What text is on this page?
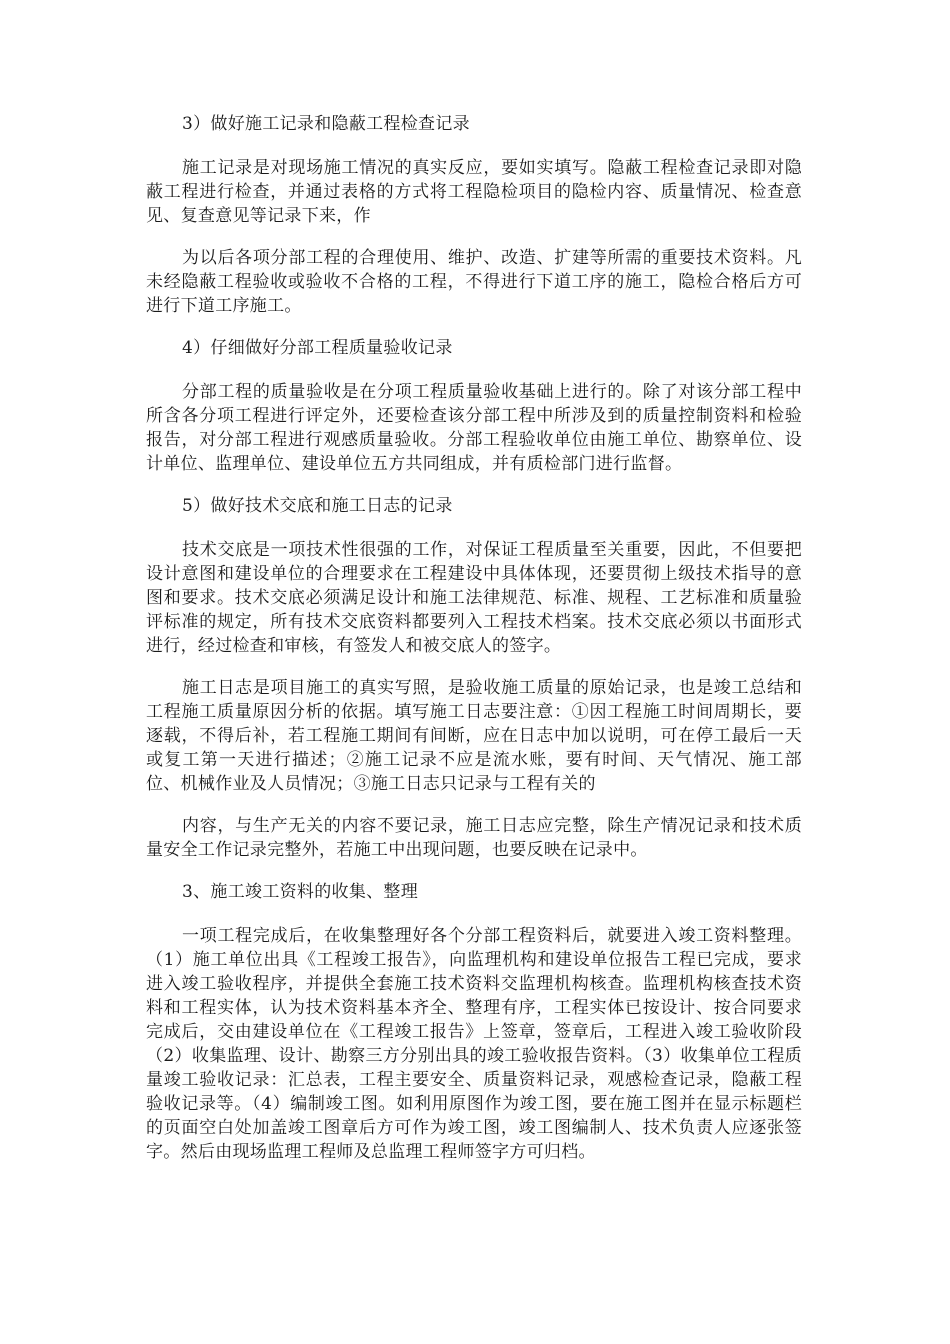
3）做好施工记录和隐蔽工程检查记录

施工记录是对现场施工情况的真实反应，要如实填写。隐蔽工程检查记录即对隐蔽工程进行检查，并通过表格的方式将工程隐检项目的隐检内容、质量情况、检查意见、复查意见等记录下来，作

为以后各项分部工程的合理使用、维护、改造、扩建等所需的重要技术资料。凡未经隐蔽工程验收或验收不合格的工程，不得进行下道工序的施工，隐检合格后方可进行下道工序施工。

4）仔细做好分部工程质量验收记录

分部工程的质量验收是在分项工程质量验收基础上进行的。除了对该分部工程中所含各分项工程进行评定外，还要检查该分部工程中所涉及到的质量控制资料和检验报告，对分部工程进行观感质量验收。分部工程验收单位由施工单位、勘察单位、设计单位、监理单位、建设单位五方共同组成，并有质检部门进行监督。

5）做好技术交底和施工日志的记录

技术交底是一项技术性很强的工作，对保证工程质量至关重要，因此，不但要把设计意图和建设单位的合理要求在工程建设中具体体现，还要贯彻上级技术指导的意图和要求。技术交底必须满足设计和施工法律规范、标准、规程、工艺标准和质量验评标准的规定，所有技术交底资料都要列入工程技术档案。技术交底必须以书面形式进行，经过检查和审核，有签发人和被交底人的签字。

施工日志是项目施工的真实写照，是验收施工质量的原始记录，也是竣工总结和工程施工质量原因分析的依据。填写施工日志要注意：①因工程施工时间周期长，要逐载，不得后补，若工程施工期间有间断，应在日志中加以说明，可在停工最后一天或复工第一天进行描述；②施工记录不应是流水账，要有时间、天气情况、施工部位、机械作业及人员情况；③施工日志只记录与工程有关的

内容，与生产无关的内容不要记录，施工日志应完整，除生产情况记录和技术质量安全工作记录完整外，若施工中出现问题，也要反映在记录中。

3、施工竣工资料的收集、整理

一项工程完成后，在收集整理好各个分部工程资料后，就要进入竣工资料整理。（1）施工单位出具《工程竣工报告》，向监理机构和建设单位报告工程已完成，要求进入竣工验收程序，并提供全套施工技术资料交监理机构核查。监理机构核查技术资料和工程实体，认为技术资料基本齐全、整理有序，工程实体已按设计、按合同要求完成后，交由建设单位在《工程竣工报告》上签章，签章后，工程进入竣工验收阶段（2）收集监理、设计、勘察三方分别出具的竣工验收报告资料。（3）收集单位工程质量竣工验收记录：汇总表，工程主要安全、质量资料记录，观感检查记录，隐蔽工程验收记录等。（4）编制竣工图。如利用原图作为竣工图，要在施工图并在显示标题栏的页面空白处加盖竣工图章后方可作为竣工图，竣工图编制人、技术负责人应逐张签字。然后由现场监理工程师及总监理工程师签字方可归档。
